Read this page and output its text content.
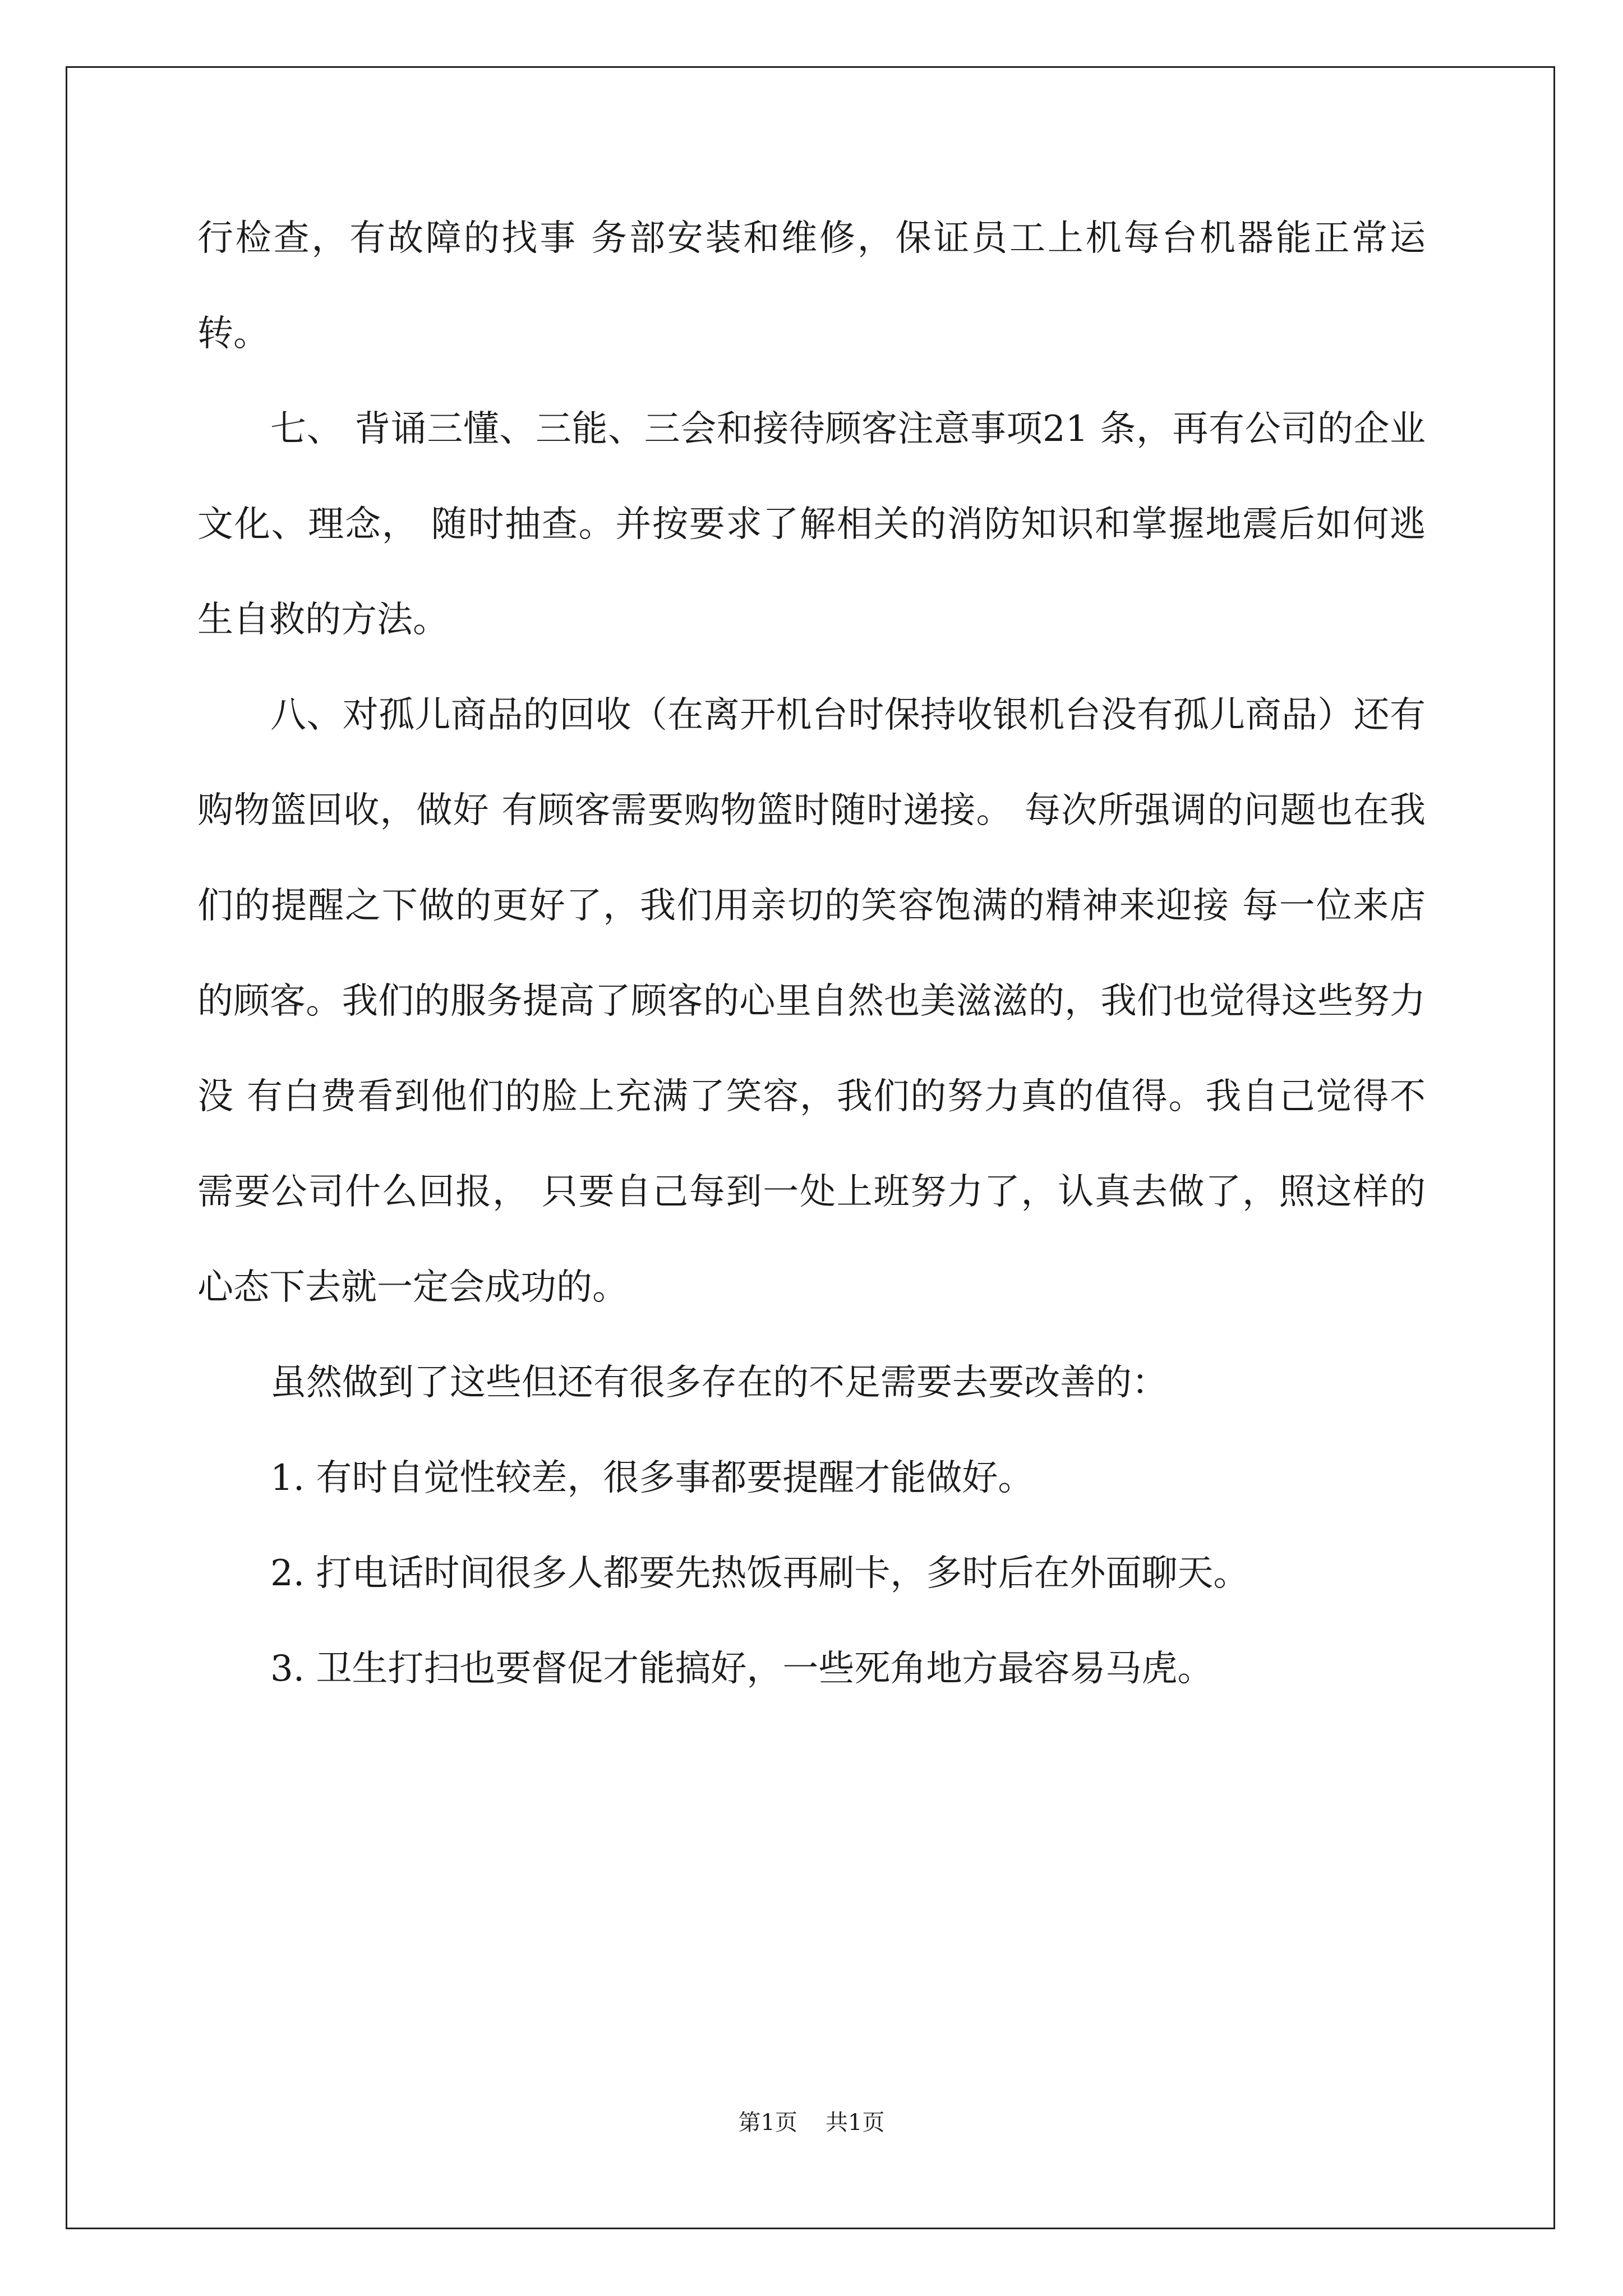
行检查，有故障的找事 务部安装和维修，保证员工上机每台机器能正常运转。

七、 背诵三懂、三能、三会和接待顾客注意事项21 条，再有公司的企业文化、理念， 随时抽查。并按要求了解相关的消防知识和掌握地震后如何逃生自救的方法。

八、对孤儿商品的回收（在离开机台时保持收银机台没有孤儿商品）还有购物篮回收，做好 有顾客需要购物篮时随时递接。 每次所强调的问题也在我们的提醒之下做的更好了，我们用亲切的笑容饱满的精神来迎接 每一位来店的顾客。我们的服务提高了顾客的心里自然也美滋滋的，我们也觉得这些努力没 有白费看到他们的脸上充满了笑容，我们的努力真的值得。我自己觉得不需要公司什么回报， 只要自己每到一处上班努力了，认真去做了，照这样的心态下去就一定会成功的。

虽然做到了这些但还有很多存在的不足需要去要改善的：

1. 有时自觉性较差，很多事都要提醒才能做好。

2. 打电话时间很多人都要先热饭再刷卡，多时后在外面聊天。

3. 卫生打扫也要督促才能搞好，一些死角地方最容易马虎。

第1页 共1页
